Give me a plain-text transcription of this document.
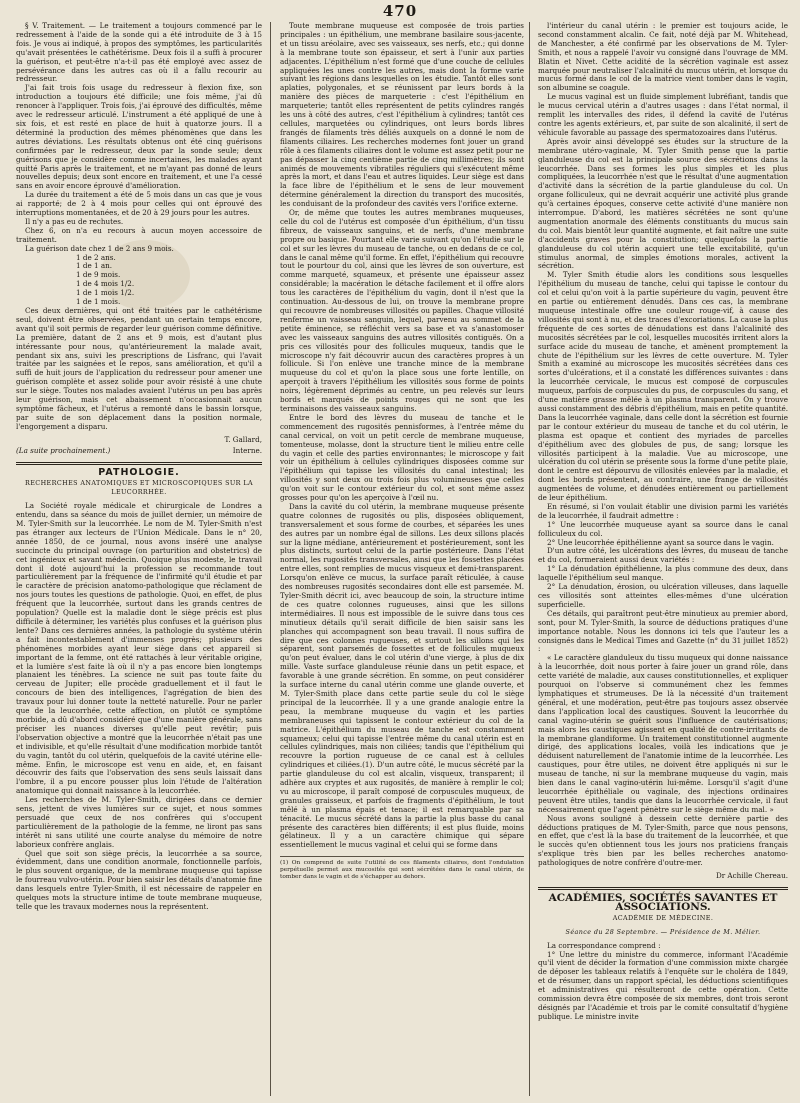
470

§ V. Traitement. — Le traitement a toujours commencé par le redressement à l'aide de la sonde qui a été introduite de 3 à 15 fois. Je vous ai indiqué, à propos des symptômes, les particularités qu'avait présentées le cathétérisme. Deux fois il a suffi à procurer la guérison, et peut-être n'a-t-il pas été employé avec assez de persévérance dans les autres cas où il a fallu recourir au redresseur.

J'ai fait trois fois usage du redresseur à flexion fixe, son introduction a toujours été difficile; une fois même, j'ai dû renoncer à l'appliquer. Trois fois, j'ai éprouvé des difficultés, même avec le redresseur articulé. L'instrument a été appliqué de une à six fois, et est resté en place de huit à quatorze jours. Il a déterminé la production des mêmes phénomènes que dans les autres déviations. Les résultats obtenus ont été cinq guérisons confirmées par le redresseur, deux par la sonde seule; deux guérisons que je considère comme incertaines, les malades ayant quitté Paris après le traitement, et ne m'ayant pas donné de leurs nouvelles depuis; deux sont encore en traitement, et une l'a cessé sans en avoir encore éprouvé d'amélioration.

La durée du traitement a été de 5 mois dans un cas que je vous ai rapporté; de 2 à 4 mois pour celles qui ont éprouvé des interruptions momentanées, et de 20 à 29 jours pour les autres.

Il n'y a pas eu de rechutes.

Chez 6, on n'a eu recours à aucun moyen accessoire de traitement.

La guérison date chez 1 de 2 ans 9 mois.

1 de 2 ans.

1 de 1 an.

1 de 9 mois.

1 de 4 mois 1/2.

1 de 1 mois 1/2.

1 de 1 mois.

Ces deux dernières, qui ont été traitées par le cathétérisme seul, doivent être observées, pendant un certain temps encore, avant qu'il soit permis de regarder leur guérison comme définitive. La première, datant de 2 ans et 9 mois, est d'autant plus intéressante pour nous, qu'antérieurement la malade avait, pendant six ans, suivi les prescriptions de Lisfranc, qui l'avait traitée par les saignées et le repos, sans amélioration, et qu'il a suffi de huit jours de l'application du redresseur pour amener une guérison complète et assez solide pour avoir résisté à une chute sur le siège. Toutes nos malades avaient l'utérus un peu bas après leur guérison, mais cet abaissement n'occasionnait aucun symptôme fâcheux, et l'utérus a remonté dans le bassin lorsque, par suite de son déplacement dans la position normale, l'engorgement a disparu.

T. Gallard,

(La suite prochainement.)	Interne.
PATHOLOGIE.
RECHERCHES ANATOMIQUES ET MICROSCOPIQUES SUR LA LEUCORRHÉE.

La Société royale médicale et chirurgicale de Londres a entendu, dans sa séance du mois de juillet dernier, un mémoire de M. Tyler-Smith sur la leucorrhée. Le nom de M. Tyler-Smith n'est pas étranger aux lecteurs de l'Union Médicale. Dans le n° 20, année 1850, de ce journal, nous avons inséré une analyse succincte du principal ouvrage (on parturition and obstetrics) de cet ingénieux et savant médecin. Quoique plus modeste, le travail dont il doté aujourd'hui la profession se recommande tout particulièrement par la fréquence de l'infirmité qu'il étudie et par le caractère de précision anatomo-pathologique que réclament de nos jours toutes les questions de pathologie. Quoi, en effet, de plus fréquent que la leucorrhée, surtout dans les grands centres de population? Quelle est la maladie dont le siège précis est plus difficile à déterminer, les variétés plus confuses et la guérison plus lente? Dans ces dernières années, la pathologie du système utérin a fait incontestablement d'immenses progrès; plusieurs des phénomènes morbides ayant leur siège dans cet appareil si important de la femme, ont été rattachés à leur véritable origine, et la lumière s'est faite là où il n'y a pas encore bien longtemps planaient les ténèbres. La science ne suit pas toute faite du cerveau de Jupiter; elle procède graduellement et il faut le concours de bien des intelligences, l'agrégation de bien des travaux pour lui donner toute la netteté naturelle. Pour ne parler que de la leucorrhée, cette affection, on plutôt ce symptôme morbide, a dû d'abord considéré que d'une manière générale, sans préciser les nuances diverses qu'elle peut revêtir; puis l'observation objective a montré que la leucorrhée n'était pas une et indivisible, et qu'elle résultait d'une modification morbide tantôt du vagin, tantôt du col utérin, quelquefois de la cavité utérine elle-même. Enfin, le microscope est venu en aide, et, en faisant découvrir des faits que l'observation des sens seuls laissait dans l'ombre, il a pu encore pousser plus loin l'étude de l'altération anatomique qui donnait naissance à la leucorrhée.

Les recherches de M. Tyler-Smith, dirigées dans ce dernier sens, jettent de vives lumières sur ce sujet, et nous sommes persuadé que ceux de nos confrères qui s'occupent particulièrement de la pathologie de la femme, ne liront pas sans intérêt ni sans utilité une courte analyse du mémoire de notre laborieux confrère anglais.

Quel que soit son siège précis, la leucorrhée a sa source, évidemment, dans une condition anormale, fonctionnelle parfois, le plus souvent organique, de la membrane muqueuse qui tapisse le fourreau vulvo-utérin. Pour bien saisir les détails d'anatomie fine dans lesquels entre Tyler-Smith, il est nécessaire de rappeler en quelques mots la structure intime de toute membrane muqueuse, telle que les travaux modernes nous la représentent.

Toute membrane muqueuse est composée de trois parties principales : un épithélium, une membrane basilaire sous-jacente, et un tissu aréolaire, avec ses vaisseaux, ses nerfs, etc.; qui donne à la membrane toute son épaisseur, et sert à l'unir aux parties adjacentes. L'épithélium n'est formé que d'une couche de cellules appliquées les unes contre les autres, mais dont la forme varie suivant les régions dans lesquelles on les étudie. Tantôt elles sont aplaties, polygonales, et se réunissent par leurs bords à la manière des pièces de marqueterie : c'est l'épithélium en marqueterie; tantôt elles représentent de petits cylindres rangés les uns à côté des autres, c'est l'épithélium à cylindres; tantôt ces cellules, marquetées ou cylindriques, ont leurs bords libres frangés de filaments très déliés auxquels on a donné le nom de filaments ciliaires. Les recherches modernes font jouer un grand rôle à ces filaments ciliaires dont le volume est assez petit pour ne pas dépasser la cinq centième partie de cinq millimètres; ils sont animés de mouvements vibratiles réguliers qui s'exécutent même après la mort, et dans l'eau et autres liquides. Leur siège est dans la face libre de l'épithélium et le sens de leur mouvement détermine généralement la direction du transport des mucosités, les conduisant de la profondeur des cavités vers l'orifice externe.

Or, de même que toutes les autres membranes muqueuses, celle du col de l'utérus est composée d'un épithélium, d'un tissu fibreux, de vaisseaux sanguins, et de nerfs, d'une membrane propre ou basique. Pourtant elle varie suivant qu'on l'étudie sur le col et sur les lèvres du museau de tanche, ou en dedans de ce col, dans le canal même qu'il forme. En effet, l'épithélium qui recouvre tout le pourtour du col, ainsi que les lèvres de son ouverture, est comme marqueté, squameux, et présente une épaisseur assez considérable; la macération le détache facilement et il offre alors tous les caractères de l'épithélium du vagin, dont il n'est que la continuation. Au-dessous de lui, on trouve la membrane propre qui recouvre de nombreuses villosités ou papilles. Chaque villosité renferme un vaisseau sanguin, lequel, parvenu au sommet de la petite éminence, se réfléchit vers sa base et va s'anastomoser avec les vaisseaux sanguins des autres villosités contiguës. On a pris ces villosités pour des follicules muqueux, tandis que le microscope n'y fait découvrir aucun des caractères propres à un follicule. Si l'on enlève une tranche mince de la membrane muqueuse du col et qu'on la place sous une forte lentille, on aperçoit à travers l'épithélium les villosités sous forme de points noirs, légèrement déprimés au centre, un peu relevés sur leurs bords et marqués de points rouges qui ne sont que les terminaisons des vaisseaux sanguins.

Entre le bord des lèvres du museau de tanche et le commencement des rugosités pennisformes, à l'entrée même du canal cervical, on voit un petit cercle de membrane muqueuse, tomenteuse, molasse, dont la structure tient le milieu entre celle du vagin et celle des parties environnantes; le microscope y fait voir un épithélium à cellules cylindriques disposées comme sur l'épithélium qui tapisse les villosités du canal intestinal; les villosités y sont deux ou trois fois plus volumineuses que celles qu'on voit sur le contour extérieur du col, et sont même assez grosses pour qu'on les aperçoive à l'œil nu.

Dans la cavité du col utérin, la membrane muqueuse présente quatre colonnes de rugosités ou plis, disposées obliquement, transversalement et sous forme de courbes, et séparées les unes des autres par un nombre égal de sillons. Les deux sillons placés sur la ligne médiane, antérieurement et postérieurement, sont les plus distincts, surtout celui de la partie postérieure. Dans l'état normal, les rugosités transversales, ainsi que les fossettes placées entre elles, sont remplies de mucus visqueux et demi-transparent. Lorsqu'on enlève ce mucus, la surface paraît réticulée, à cause des nombreuses rugosités secondaires dont elle est parsemée. M. Tyler-Smith décrit ici, avec beaucoup de soin, la structure intime de ces quatre colonnes rugueuses, ainsi que les sillons intermédiaires. Il nous est impossible de le suivre dans tous ces minutieux détails qu'il serait difficile de bien saisir sans les planches qui accompagnent son beau travail. Il nous suffira de dire que ces colonnes rugueuses, et surtout les sillons qui les séparent, sont parsemés de fossettes et de follicules muqueux qu'on peut évaluer, dans le col utérin d'une vierge, à plus de dix mille. Vaste surface glanduleuse réunie dans un petit espace, et favorable à une grande sécrétion. En somme, on peut considérer la surface interne du canal utérin comme une glande ouverte, et M. Tyler-Smith place dans cette partie seule du col le siège principal de la leucorrhée. Il y a une grande analogie entre la peau, la membrane muqueuse du vagin et les parties membraneuses qui tapissent le contour extérieur du col de la matrice. L'épithélium du museau de tanche est constamment squameux; celui qui tapisse l'entrée même du canal utérin est en cellules cylindriques, mais non ciliées; tandis que l'épithélium qui recouvre la portion rugueuse de ce canal est à cellules cylindriques et ciliées.(1). D'un autre côté, le mucus sécrété par la partie glanduleuse du col est alcalin, visqueux, transparent; il adhère aux cryptes et aux rugosités, de manière à remplir le col; vu au microscope, il paraît composé de corpuscules muqueux, de granules graisseux, et parfois de fragments d'épithélium, le tout mêlé à un plasma épais et tenace; il est remarquable par sa ténacité. Le mucus sécrété dans la partie la plus basse du canal présente des caractères bien différents; il est plus fluide, moins gélatineux. Il y a un caractère chimique qui sépare essentiellement le mucus vaginal et celui qui se forme dans

(1) On comprend de suite l'utilité de ces filaments ciliaires, dont l'ondulation perpétuelle permet aux mucosités qui sont sécrétées dans le canal utérin, de tomber dans le vagin et de s'échapper au dehors.

l'intérieur du canal utérin : le premier est toujours acide, le second constamment alcalin. Ce fait, noté déjà par M. Whitehead, de Manchester, a été confirmé par les observations de M. Tyler-Smith, et nous a rappelé l'avoir vu consigné dans l'ouvrage de MM. Blatin et Nivet. Cette acidité de la sécrétion vaginale est assez marquée pour neutraliser l'alcalinité du mucus utérin, et lorsque du mucus formé dans le col de la matrice vient tomber dans le vagin, son albumine se coagule.

Le mucus vaginal est un fluide simplement lubréfiant, tandis que le mucus cervical utérin a d'autres usages : dans l'état normal, il remplit les intervalles des rides, il défend la cavité de l'utérus contre les agents extérieurs, et, par suite de son alcalinité, il sert de véhicule favorable au passage des spermatozoaires dans l'utérus.

Après avoir ainsi développé ses études sur la structure de la membrane utéro-vaginale, M. Tyler Smith pense que la partie glanduleuse du col est la principale source des sécrétions dans la leucorrhée. Dans ses formes les plus simples et les plus compliquées, la leucorrhée n'est que le résultat d'une augmentation d'activité dans la sécrétion de la partie glanduleuse du col. Un organe folliculeux, qui ne devrait acquérir une activité plus grande qu'à certaines époques, conserve cette activité d'une manière non interrompue. D'abord, les matières sécrétées ne sont qu'une augmentation anormale des éléments constituants du mucus sain du col. Mais bientôt leur quantité augmente, et fait naître une suite d'accidents graves pour la constitution; quelquefois la partie glanduleuse du col utérin acquiert une telle excitabilité, qu'un stimulus anormal, de simples émotions morales, activent la sécrétion.

M. Tyler Smith étudie alors les conditions sous lesquelles l'épithélium du museau de tanche, celui qui tapisse le contour du col et celui qu'on voit à la partie supérieure du vagin, peuvent être en partie ou entièrement dénudés. Dans ces cas, la membrane muqueuse intestinale offre une couleur rouge-vif, à cause des villosités qui sont à nu, et des traces d'excoriations. La cause la plus fréquente de ces sortes de dénudations est dans l'alcalinité des mucosités sécrétées par le col, lesquelles mucosités irritent alors la surface acide du museau de tanche, et amènent promptement la chute de l'épithélium sur les lèvres de cette ouverture. M. Tyler Smith a examiné au microscope les mucosités sécrétées dans ces sortes d'ulcérations, et il a constaté les différences suivantes : dans la leucorrhée cervicale, le mucus est composé de corpuscules muqueux, parfois de corpuscules du pus, de corpuscules du sang, et d'une matière grasse mêlée à un plasma transparent. On y trouve aussi constamment des débris d'épithélium, mais en petite quantité. Dans la leucorrhée vaginale, dans celle dont la sécrétion est fournie par le contour extérieur du museau de tanche et du col utérin, le plasma est opaque et contient des myriades de parcelles d'épithélium avec des globules de pus, de sang; lorsque les villosités participent à la maladie. Vue au microscope, une ulcération du col utérin se présente sous la forme d'une petite plaie, dont le centre est dépourvu de villosités enlevées par la maladie, et dont les bords présentent, au contraire, une frange de villosités augmentées de volume, et dénudées entièrement ou partiellement de leur épithélium.

En résumé, si l'on voulait établir une division parmi les variétés de la leucorrhée, il faudrait admettre :

1° Une leucorrhée muqueuse ayant sa source dans le canal folliculeux du col.

2° Une leucorrhée épithélienne ayant sa source dans le vagin.

D'un autre côté, les ulcérations des lèvres, du museau de tanche et du col, formeraient aussi deux variétés :

1° La dénudation épithélienne, la plus commune des deux, dans laquelle l'épithélium seul manque.

2° La dénudation, érosion, ou ulcération villeuses, dans laquelle ces villosités sont atteintes elles-mêmes d'une ulcération superficielle.

Ces détails, qui paraîtront peut-être minutieux au premier abord, sont, pour M. Tyler-Smith, la source de déductions pratiques d'une importance notable. Nous les donnons ici tels que l'auteur les a consignés dans le Medical Times and Gazette (n° du 31 juillet 1852) :

« Le caractère glanduleux du tissu muqueux qui donne naissance à la leucorrhée, doit nous porter à faire jouer un grand rôle, dans cette variété de maladie, aux causes constitutionnelles, et expliquer pourquoi on l'observe si communément chez les femmes lymphatiques et strumeuses. De là la nécessité d'un traitement général, et une modération, peut-être pas toujours assez observée dans l'application local des caustiques. Souvent la leucorrhée du canal vagino-utérin se guérit sous l'influence de cautérisations; mais alors les caustiques agissent en qualité de contre-irritants de la membrane glandiforme. Un traitement constitutionnel augmente dirigé, des applications locales, voilà les indications que je déduisent naturellement de l'anatomie intime de la leucorrhée. Les caustiques, pour être utiles, ne doivent être appliqués ni sur le museau de tanche, ni sur la membrane muqueuse du vagin, mais bien dans le canal vagino-utérin lui-même. Lorsqu'il s'agit d'une leucorrhée épithéliale ou vaginale, des injections ordinaires peuvent être utiles, tandis que dans la leucorrhée cervicale, il faut nécessairement que l'agent pénètre sur le siège même du mal. »

Nous avons souligné à dessein cette dernière partie des déductions pratiques de M. Tyler-Smith, parce que nous pensons, en effet, que c'est là la base du traitement de la leucorrhée, et que le succès qu'en obtiennent tous les jours nos praticiens français s'explique très bien par les belles recherches anatomo-pathologiques de notre confrère d'outre-mer.

Dr Achille Chereau.

ACADÉMIES, SOCIÉTÉS SAVANTES ET ASSOCIATIONS.
ACADÉMIE DE MÉDECINE.
Séance du 28 Septembre. — Présidence de M. Mélier.

La correspondance comprend :

1° Une lettre du ministre du commerce, informant l'Académie qu'il vient de décider la formation d'une commission mixte chargée de déposer les tableaux relatifs à l'enquête sur le choléra de 1849, et de résumer, dans un rapport spécial, les déductions scientifiques et administratives qui résulteront de cette opération. Cette commission devra être composée de six membres, dont trois seront désignés par l'Académie et trois par le comité consultatif d'hygiène publique. Le ministre invite
